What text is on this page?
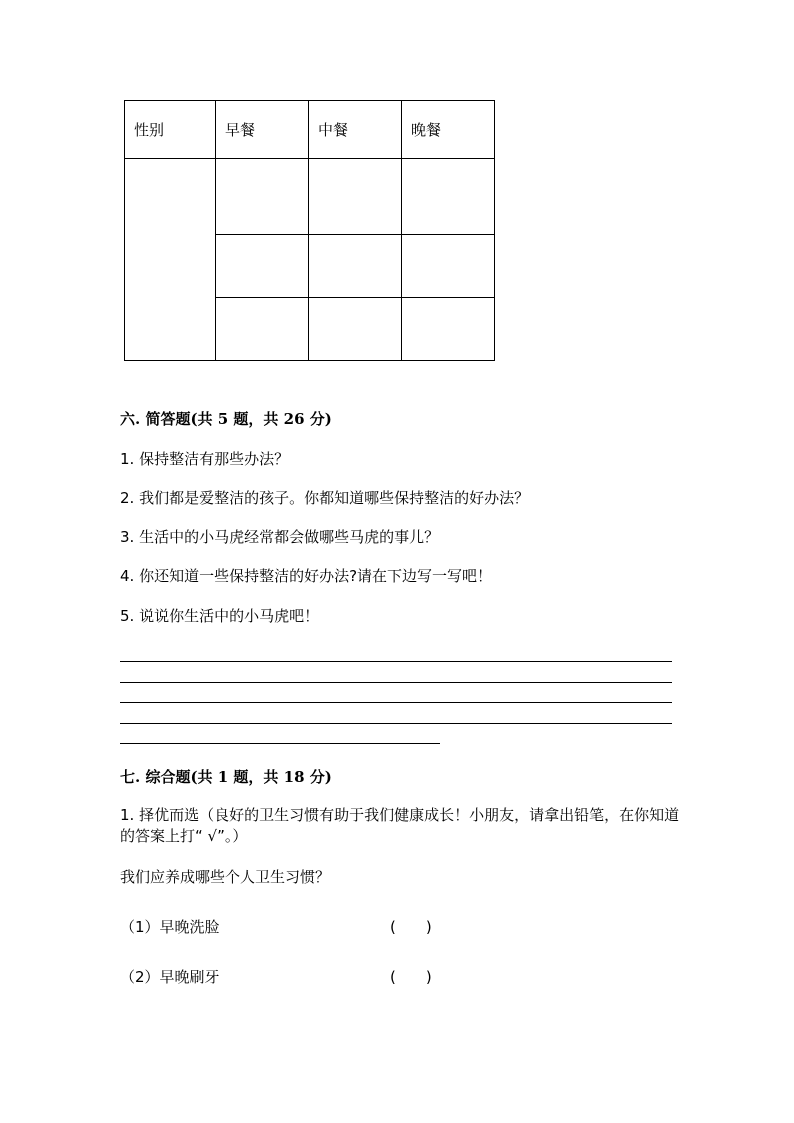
性别	早餐	中餐	晚餐

六. 简答题(共 5 题，共 26 分)
1. 保持整洁有那些办法？
2. 我们都是爱整洁的孩子。你都知道哪些保持整洁的好办法？
3. 生活中的小马虎经常都会做哪些马虎的事儿？
4. 你还知道一些保持整洁的好办法?请在下边写一写吧！
5. 说说你生活中的小马虎吧！
七. 综合题(共 1 题，共 18 分)
1. 择优而选（良好的卫生习惯有助于我们健康成长！小朋友，请拿出铅笔，在你知道的答案上打“ √”。）
我们应养成哪些个人卫生习惯？
（1）早晚洗脸	(　　)
（2）早晚刷牙	(　　)
